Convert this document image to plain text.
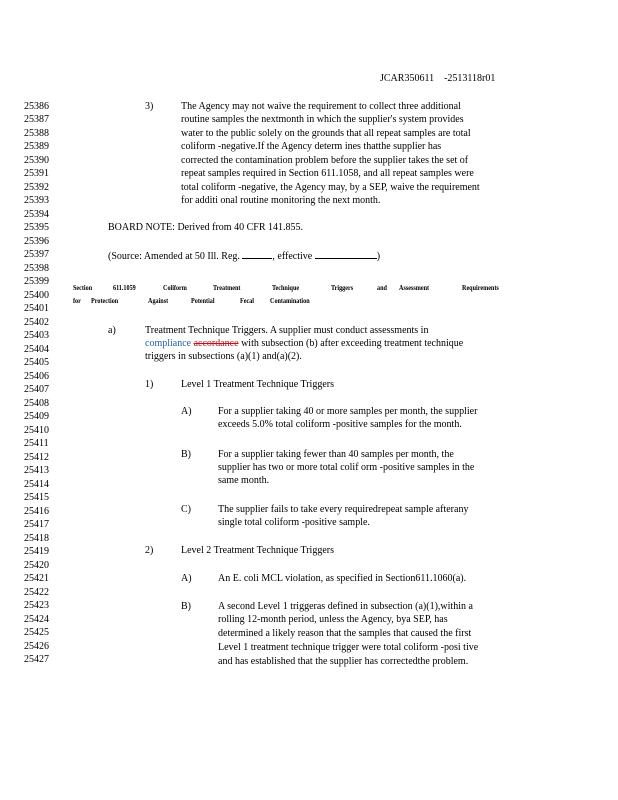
JCAR350611 -2513118r01
25386
25387
25388
25389
25390
25391
25392
25393
25394
25395
25396
25397
25398
25399
25400
25401
25402
25403
25404
25405
25406
25407
25408
25409
25410
25411
25412
25413
25414
25415
25416
25417
25418
25419
25420
25421
25422
25423
25424
25425
25426
25427
3)	The Agency may not waive the requirement to collect three additional
routine samples the nextmonth in which the supplier's system provides
water to the public solely on the grounds that all repeat samples are total
coliform -negative.If the Agency determ ines thatthe supplier has
corrected the contamination problem before the supplier takes the set of
repeat samples required in Section 611.1058, and all repeat samples were
total coliform -negative, the Agency may, by a SEP, waive the requirement
for additi onal routine monitoring the next month.
BOARD NOTE: Derived from 40 CFR 141.855.
(Source: Amended at 50 Ill. Reg.	, effective	)
Section	611.1059	Coliform	Treatment	Technique	Triggers	and Assessment	Requirements
for Protection	Against	Potential	Fecal Contamination
a)	Treatment Technique Triggers. A supplier must conduct assessments in
compliance accordance with subsection (b) after exceeding treatment technique
triggers in subsections (a)(1) and(a)(2).
1)	Level 1 Treatment Technique Triggers
A)	For a supplier taking 40 or more samples per month, the supplier
exceeds 5.0% total coliform -positive samples for the month.
B)	For a supplier taking fewer than 40 samples per month, the
supplier has two or more total colif orm -positive samples in the
same month.
C)	The supplier fails to take every requiredrepeat sample afterany
single total coliform -positive sample.
2)	Level 2 Treatment Technique Triggers
A)	An E. coli MCL violation, as specified in Section611.1060(a).
B)	A second Level 1 triggeras defined in subsection (a)(1),within a
rolling 12-month period, unless the Agency, bya SEP, has
determined a likely reason that the samples that caused the first
Level 1 treatment technique trigger were total coliform -posi tive
and has established that the supplier has correctedthe problem.
